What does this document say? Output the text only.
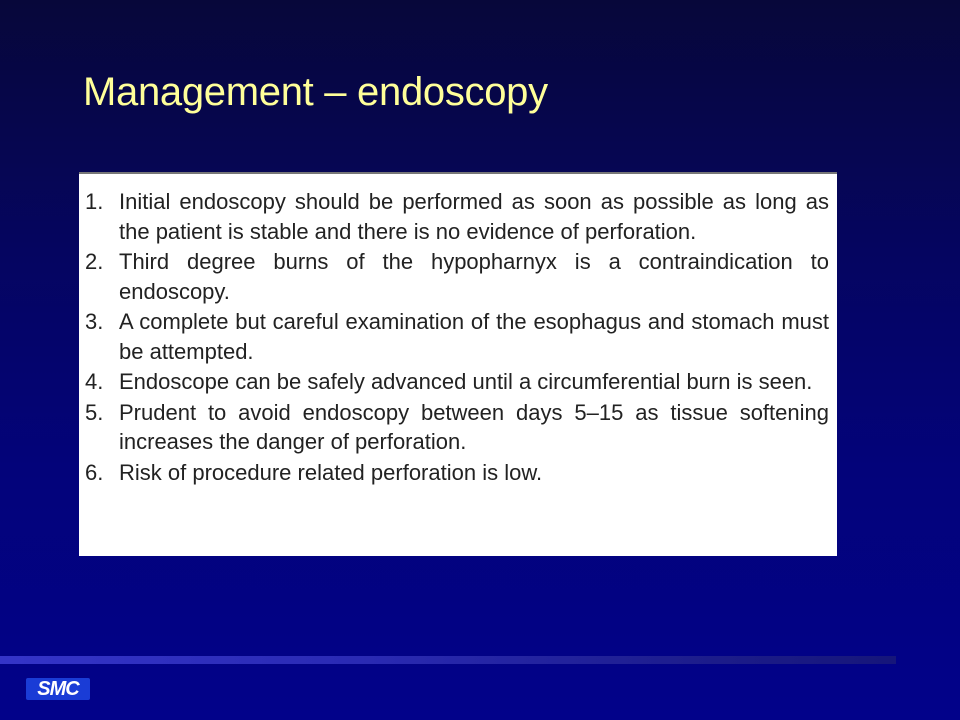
Management – endoscopy
1. Initial endoscopy should be performed as soon as possible as long as the patient is stable and there is no evidence of perforation.
2. Third degree burns of the hypopharnyx is a contraindication to endoscopy.
3. A complete but careful examination of the esophagus and stomach must be attempted.
4. Endoscope can be safely advanced until a circumferential burn is seen.
5. Prudent to avoid endoscopy between days 5–15 as tissue softening increases the danger of perforation.
6. Risk of procedure related perforation is low.
SMC
